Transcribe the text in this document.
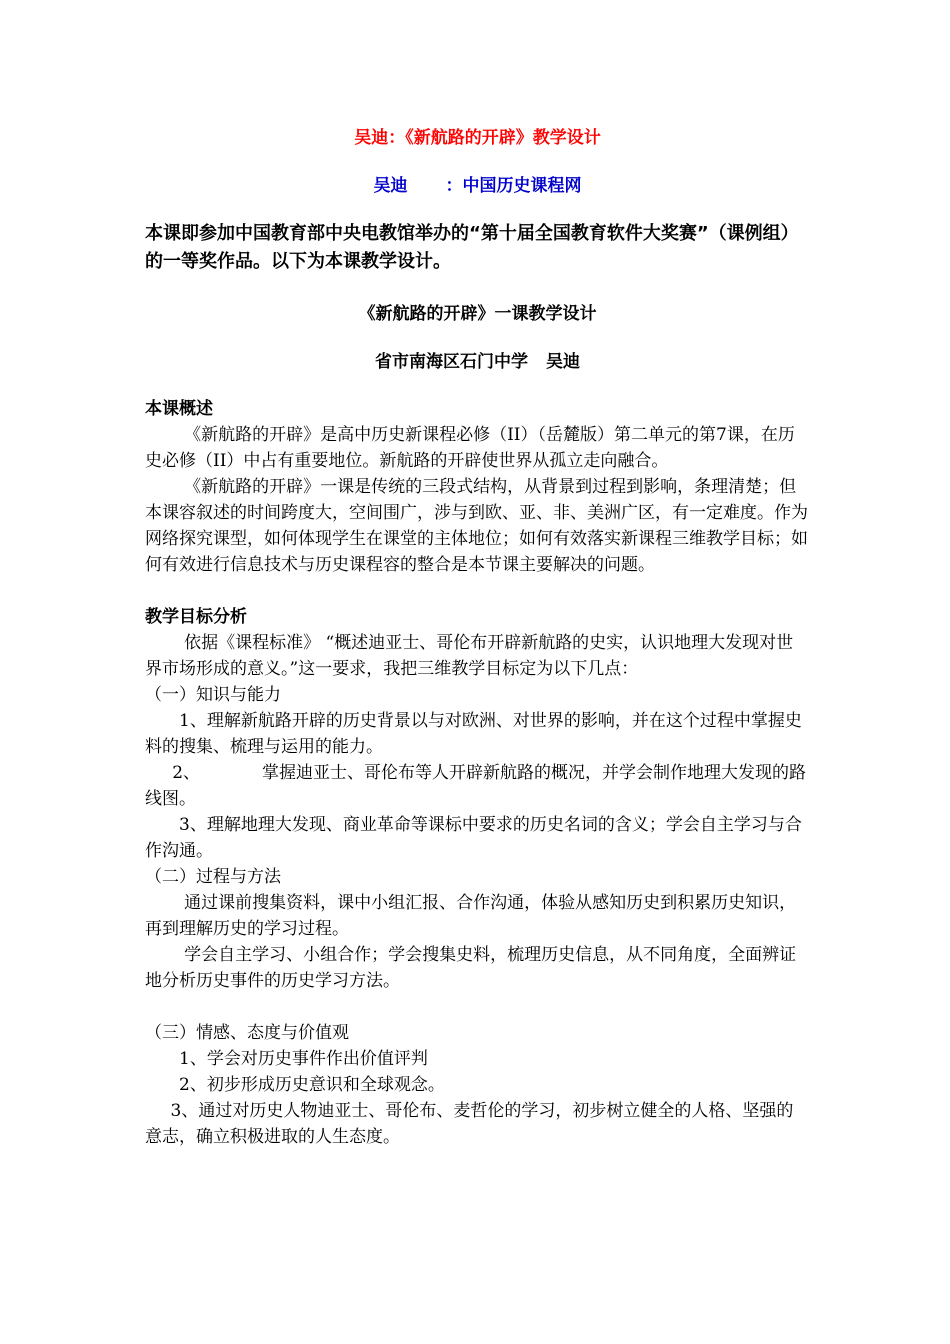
吴迪：《新航路的开辟》教学设计

吴迪 ：中国历史课程网

本课即参加中国教育部中央电教馆举办的“第十届全国教育软件大奖赛”（课例组）的一等奖作品。以下为本课教学设计。

《新航路的开辟》一课教学设计

省市南海区石门中学 吴迪

本课概述

《新航路的开辟》是高中历史新课程必修（II）（岳麓版）第二单元的第7课，在历史必修（II）中占有重要地位。新航路的开辟使世界从孤立走向融合。

《新航路的开辟》一课是传统的三段式结构，从背景到过程到影响，条理清楚；但本课容叙述的时间跨度大，空间围广，涉与到欧、亚、非、美洲广区，有一定难度。作为网络探究课型，如何体现学生在课堂的主体地位；如何有效落实新课程三维教学目标；如何有效进行信息技术与历史课程容的整合是本节课主要解决的问题。

教学目标分析

依据《课程标准》 “概述迪亚士、哥伦布开辟新航路的史实，认识地理大发现对世界市场形成的意义。”这一要求，我把三维教学目标定为以下几点：

（一）知识与能力

1、理解新航路开辟的历史背景以与对欧洲、对世界的影响，并在这个过程中掌握史料的搜集、梳理与运用的能力。

2、	掌握迪亚士、哥伦布等人开辟新航路的概况，并学会制作地理大发现的路线图。

3、理解地理大发现、商业革命等课标中要求的历史名词的含义；学会自主学习与合作沟通。

（二）过程与方法

通过课前搜集资料，课中小组汇报、合作沟通，体验从感知历史到积累历史知识，再到理解历史的学习过程。

学会自主学习、小组合作；学会搜集史料，梳理历史信息，从不同角度，全面辨证地分析历史事件的历史学习方法。

（三）情感、态度与价值观

1、学会对历史事件作出价值评判

2、初步形成历史意识和全球观念。

3、通过对历史人物迪亚士、哥伦布、麦哲伦的学习，初步树立健全的人格、坚强的意志，确立积极进取的人生态度。
